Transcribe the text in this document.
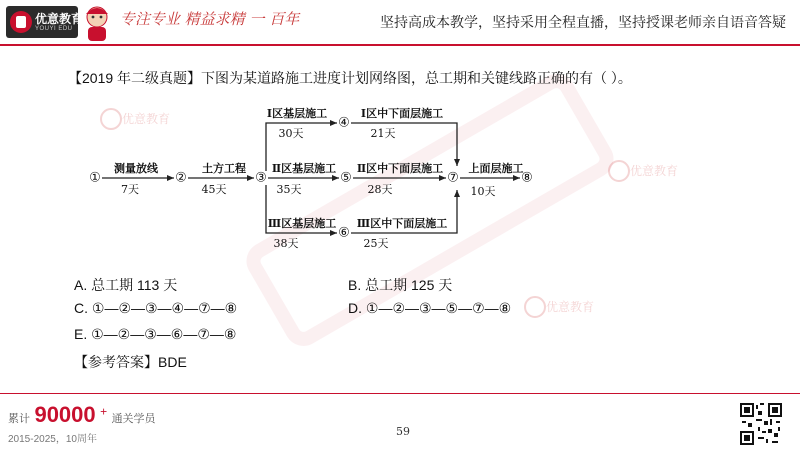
优意教育
YOUYI EDU
专注专业 精益求精 一 百年	坚持高成本教学，坚持采用全程直播，坚持授课老师亲自语音答疑
优意教育
优意教育
优意教育
【2019 年二级真题】下图为某道路施工进度计划网络图，总工期和关键线路正确的有（ ）。
①	②	③
④
⑤
⑥
⑦	⑧
测量放线	土方工程
Ⅰ区基层施工	Ⅰ区中下面层施工
Ⅱ区基层施工 Ⅱ区中下面层施工
Ⅲ区基层施工 Ⅲ区中下面层施工
上面层施工
7天	45天
30天	21天
35天	28天
38天	25天
10天
A. 总工期 113 天	B. 总工期 125 天
C. ①—②—③—④—⑦—⑧	D. ①—②—③—⑤—⑦—⑧
E. ①—②—③—⑥—⑦—⑧
【参考答案】BDE
累计 90000 + 通关学员
2015-2025，10周年
59
